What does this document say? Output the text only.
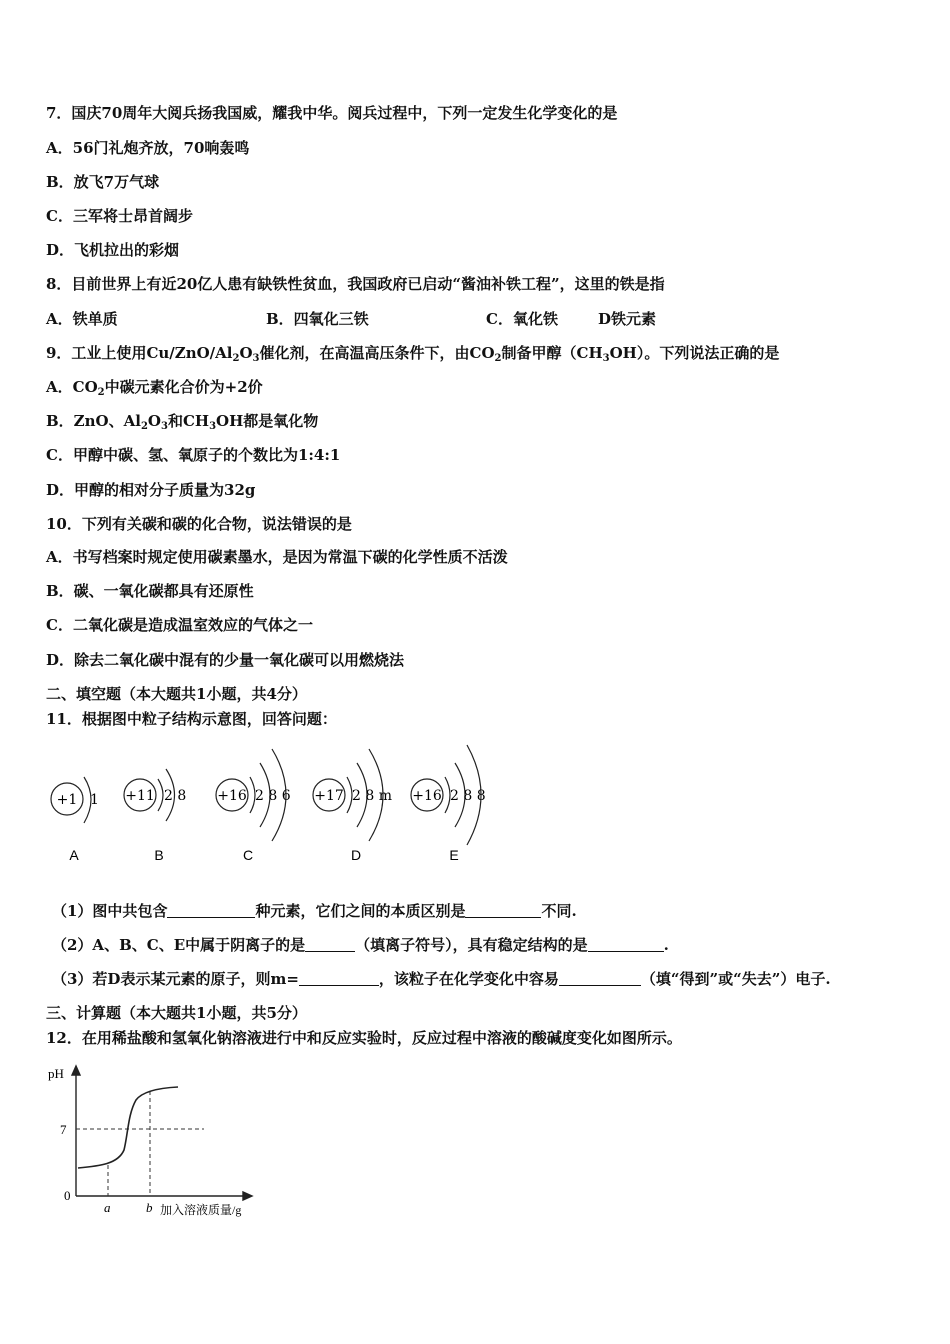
7．国庆70周年大阅兵扬我国威，耀我中华。阅兵过程中，下列一定发生化学变化的是
A．56门礼炮齐放，70响轰鸣
B．放飞7万气球
C．三军将士昂首阔步
D．飞机拉出的彩烟
8．目前世界上有近20亿人患有缺铁性贫血，我国政府已启动“酱油补铁工程”，这里的铁是指
A．铁单质	B．四氧化三铁	C．氧化铁	D铁元素
9．工业上使用$Cu/ZnO/Al_2O_3$催化剂，在高温高压条件下，由$CO_2$制备甲醇$(CH_3OH)$。下列说法正确的是
A．$CO_2$中碳元素化合价为+2价
B．ZnO、$Al_2O_3$和$CH_3OH$都是氧化物
C．甲醇中碳、氢、氧原子的个数比为1:4:1
D．甲醇的相对分子质量为32g
10．下列有关碳和碳的化合物，说法错误的是
A．书写档案时规定使用碳素墨水，是因为常温下碳的化学性质不活泼
B．碳、一氧化碳都具有还原性
C．二氧化碳是造成温室效应的气体之一
D．除去二氧化碳中混有的少量一氧化碳可以用燃烧法
二、填空题（本大题共1小题，共4分）
11．根据图中粒子结构示意图，回答问题：
+1	+11	+16	+17	+16
1	2 8	2 8 6	2 8 m	2 8 8
A	B	C	D	E
（1）图中共包含	种元素，它们之间的本质区别是	不同.
（2）A、B、C、E中属于阴离子的是	（填离子符号），具有稳定结构的是	.
（3）若D表示某元素的原子，则m=	，该粒子在化学变化中容易	（填“得到”或“失去”）电子.
三、计算题（本大题共1小题，共5分）
12．在用稀盐酸和氢氧化钠溶液进行中和反应实验时，反应过程中溶液的酸碱度变化如图所示。
pH
7
0
a	b 加入溶液质量/g
